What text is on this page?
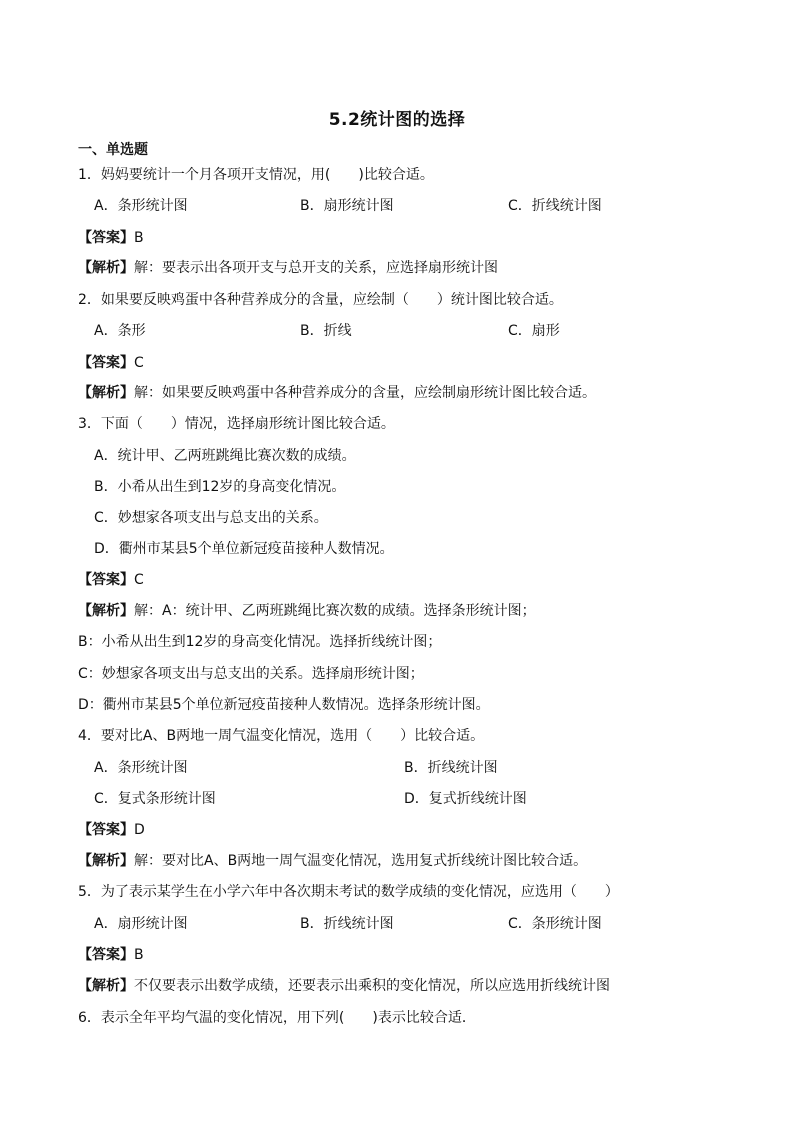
5.2统计图的选择
一、单选题
1．妈妈要统计一个月各项开支情况，用(　　)比较合适。
A．条形统计图	B．扇形统计图	C．折线统计图
【答案】B
【解析】解：要表示出各项开支与总开支的关系，应选择扇形统计图
2．如果要反映鸡蛋中各种营养成分的含量，应绘制（　　）统计图比较合适。
A．条形	B．折线	C．扇形
【答案】C
【解析】解：如果要反映鸡蛋中各种营养成分的含量，应绘制扇形统计图比较合适。
3．下面（　　）情况，选择扇形统计图比较合适。
A．统计甲、乙两班跳绳比赛次数的成绩。
B．小希从出生到12岁的身高变化情况。
C．妙想家各项支出与总支出的关系。
D．衢州市某县5个单位新冠疫苗接种人数情况。
【答案】C
【解析】解：A：统计甲、乙两班跳绳比赛次数的成绩。选择条形统计图；
B：小希从出生到12岁的身高变化情况。选择折线统计图；
C：妙想家各项支出与总支出的关系。选择扇形统计图；
D：衢州市某县5个单位新冠疫苗接种人数情况。选择条形统计图。
4．要对比A、B两地一周气温变化情况，选用（　　）比较合适。
A．条形统计图	B．折线统计图
C．复式条形统计图	D．复式折线统计图
【答案】D
【解析】解：要对比A、B两地一周气温变化情况，选用复式折线统计图比较合适。
5．为了表示某学生在小学六年中各次期末考试的数学成绩的变化情况，应选用（　　）
A．扇形统计图	B．折线统计图	C．条形统计图
【答案】B
【解析】不仅要表示出数学成绩，还要表示出乘积的变化情况，所以应选用折线统计图
6．表示全年平均气温的变化情况，用下列(　　)表示比较合适．
